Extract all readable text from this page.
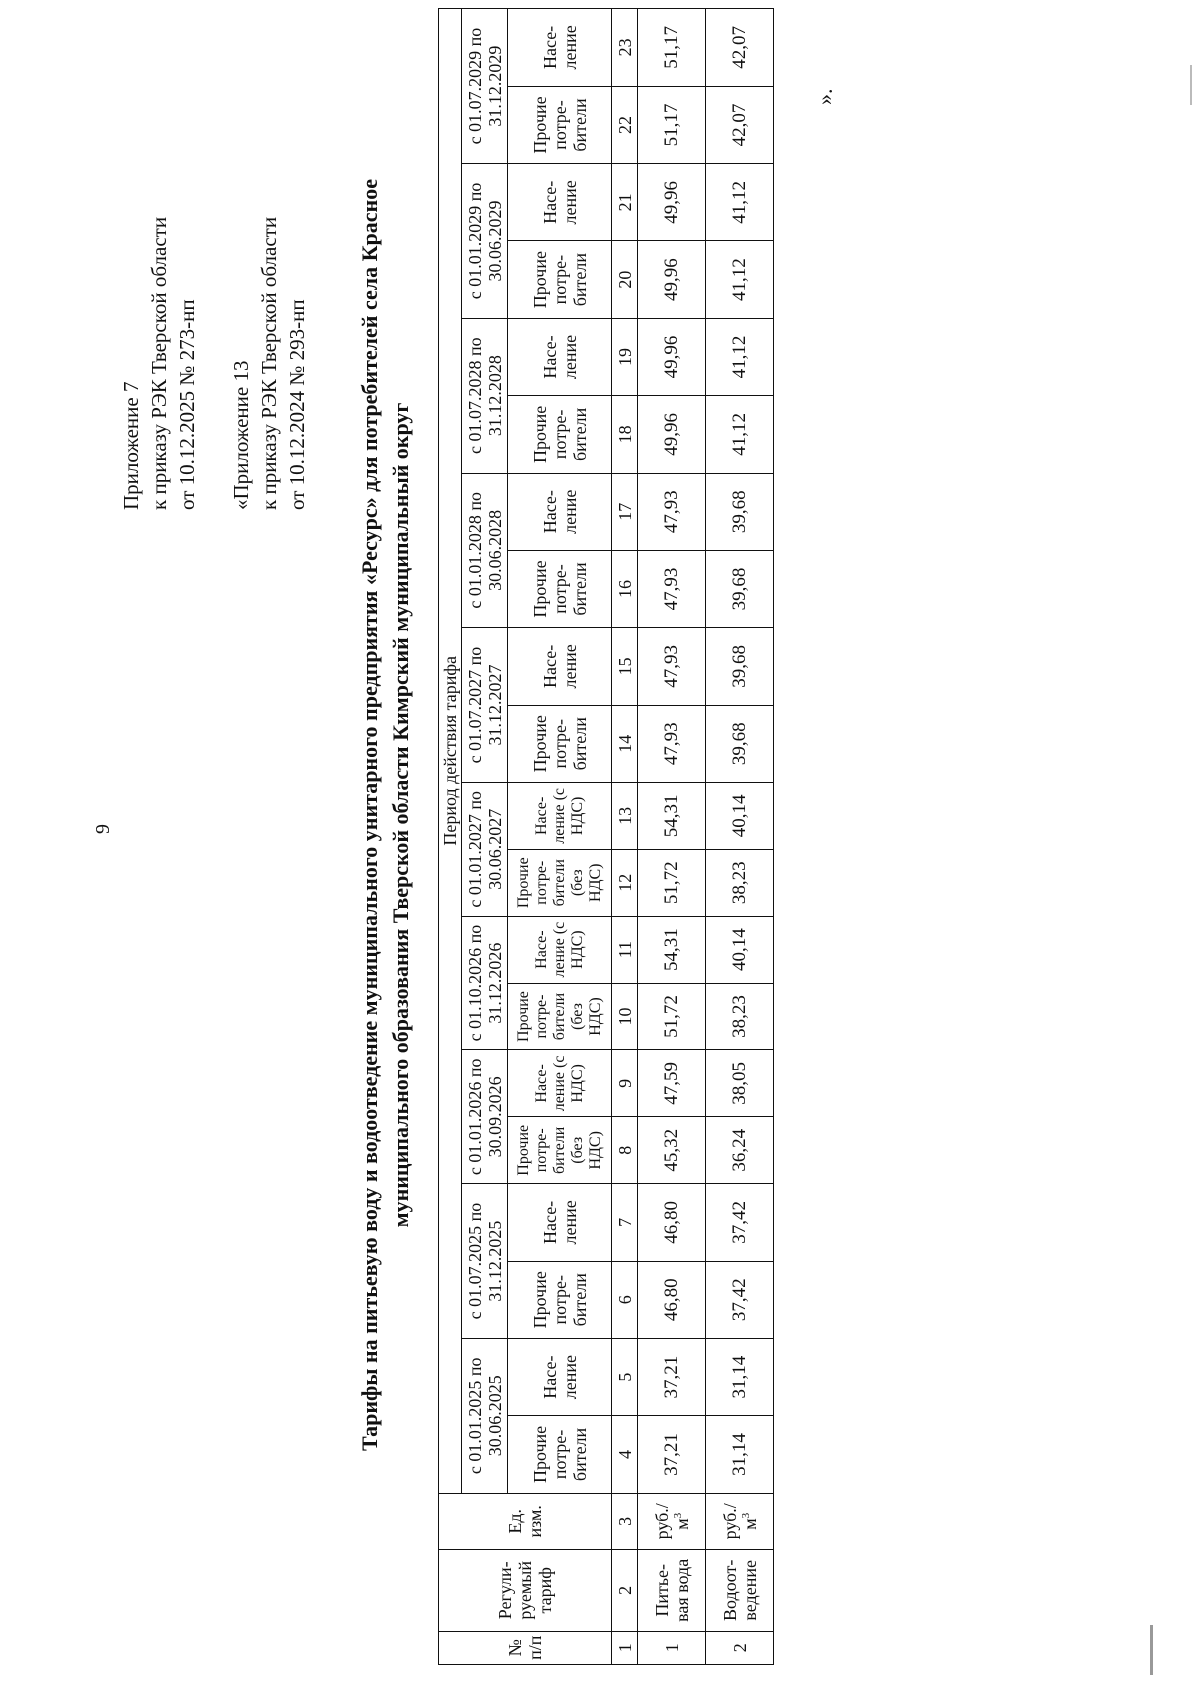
9
Приложение 7 к приказу РЭК Тверской области от 10.12.2025 № 273-нп «Приложение 13 к приказу РЭК Тверской области от 10.12.2024 № 293-нп Тарифы на питьевую воду и водоотведение муниципального унитарного предприятия «Ресурс» для потребителей села Красное муниципального образования Тверской области Кимрский муниципальный округ
№ п/п	Регули-руемый тариф	Ед. изм.	Период действия тарифа																			
			с 01.01.2025 по 30.06.2025		с 01.07.2025 по 31.12.2025		с 01.01.2026 по 30.09.2026		с 01.10.2026 по 31.12.2026		с 01.01.2027 по 30.06.2027		с 01.07.2027 по 31.12.2027		с 01.01.2028 по 30.06.2028		с 01.07.2028 по 31.12.2028		с 01.01.2029 по 30.06.2029		с 01.07.2029 по 31.12.2029	
			Прочие потре-бители	Насе-ление	Прочие потре-бители	Насе-ление	Прочие потре-бители (без НДС)	Насе-ление (с НДС)	Прочие потре-бители (без НДС)	Насе-ление (с НДС)	Прочие потре-бители (без НДС)	Насе-ление (с НДС)	Прочие потре-бители	Насе-ление	Прочие потре-бители	Насе-ление	Прочие потре-бители	Насе-ление	Прочие потре-бители	Насе-ление	Прочие потре-бители	Насе-ление
1	2	3	4	5	6	7	8	9	10	11	12	13	14	15	16	17	18	19	20	21	22	23
1	Питье-вая вода	$руб./м^3$	37,21	37,21	46,80	46,80	45,32	47,59	51,72	54,31	51,72	54,31	47,93	47,93	47,93	47,93	49,96	49,96	49,96	49,96	51,17	51,17
2	Водоот-ведение	$руб./м^3$	31,14	31,14	37,42	37,42	36,24	38,05	38,23	40,14	38,23	40,14	39,68	39,68	39,68	39,68	41,12	41,12	41,12	41,12	42,07	42,07
».
